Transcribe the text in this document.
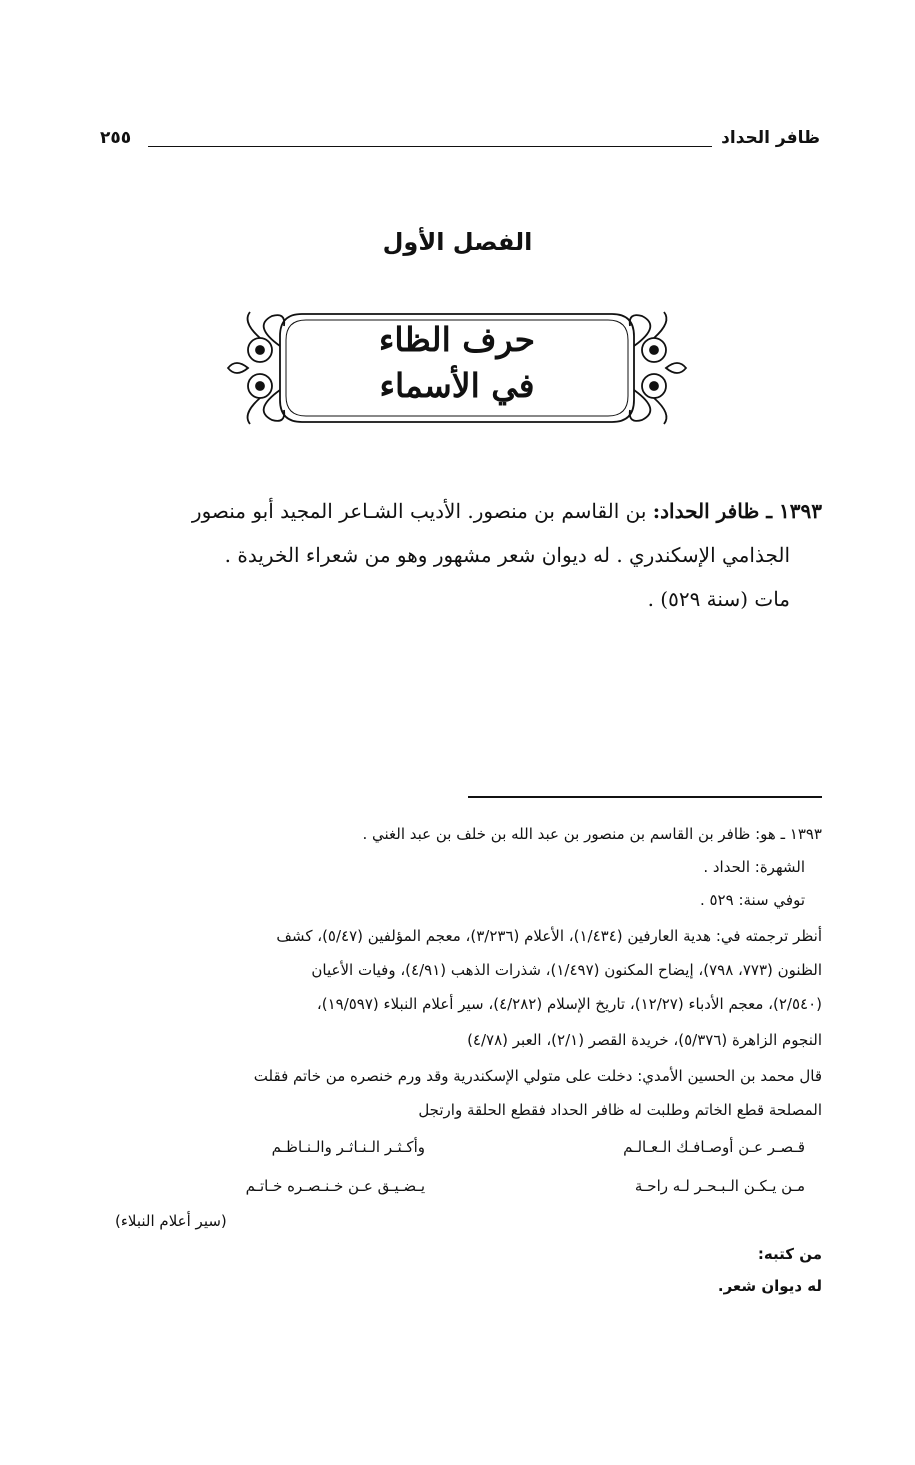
ظافر الحداد
٢٥٥
الفصل الأول
حرف الظاء
في الأسماء
١٣٩٣ ـ ظافر الحداد: بن القاسم بن منصور. الأديب الشـاعر المجيد أبو منصور
الجذامي الإسكندري . له ديوان شعر مشهور وهو من شعراء الخريدة .
مات (سنة ٥٢٩) .
١٣٩٣ ـ هو: ظافر بن القاسم بن منصور بن عبد الله بن خلف بن عبد الغني .
الشهرة: الحداد .
توفي سنة: ٥٢٩ .
أنظر ترجمته في: هدية العارفين (١/٤٣٤)، الأعلام (٣/٢٣٦)، معجم المؤلفين (٥/٤٧)، كشف
الظنون (٧٧٣، ٧٩٨)، إيضاح المكنون (١/٤٩٧)، شذرات الذهب (٤/٩١)، وفيات الأعيان
(٢/٥٤٠)، معجم الأدباء (١٢/٢٧)، تاريخ الإسلام (٤/٢٨٢)، سير أعلام النبلاء (١٩/٥٩٧)،
النجوم الزاهرة (٥/٣٧٦)، خريدة القصر (٢/١)، العبر (٤/٧٨)
قال محمد بن الحسين الأمدي: دخلت على متولي الإسكندرية وقد ورم خنصره من خاتم فقلت
المصلحة قطع الخاتم وطلبت له ظافر الحداد فقطع الحلقة وارتجل
قـصـر عـن أوصـافـك الـعـالـم
وأكـثـر الـنـاثـر والـنـاظـم
مـن يـكـن الـبـحـر لـه راحـة
يـضـيـق عـن خـنـصـره خـاتـم
(سير أعلام النبلاء)
من كتبه:
له ديوان شعر.
